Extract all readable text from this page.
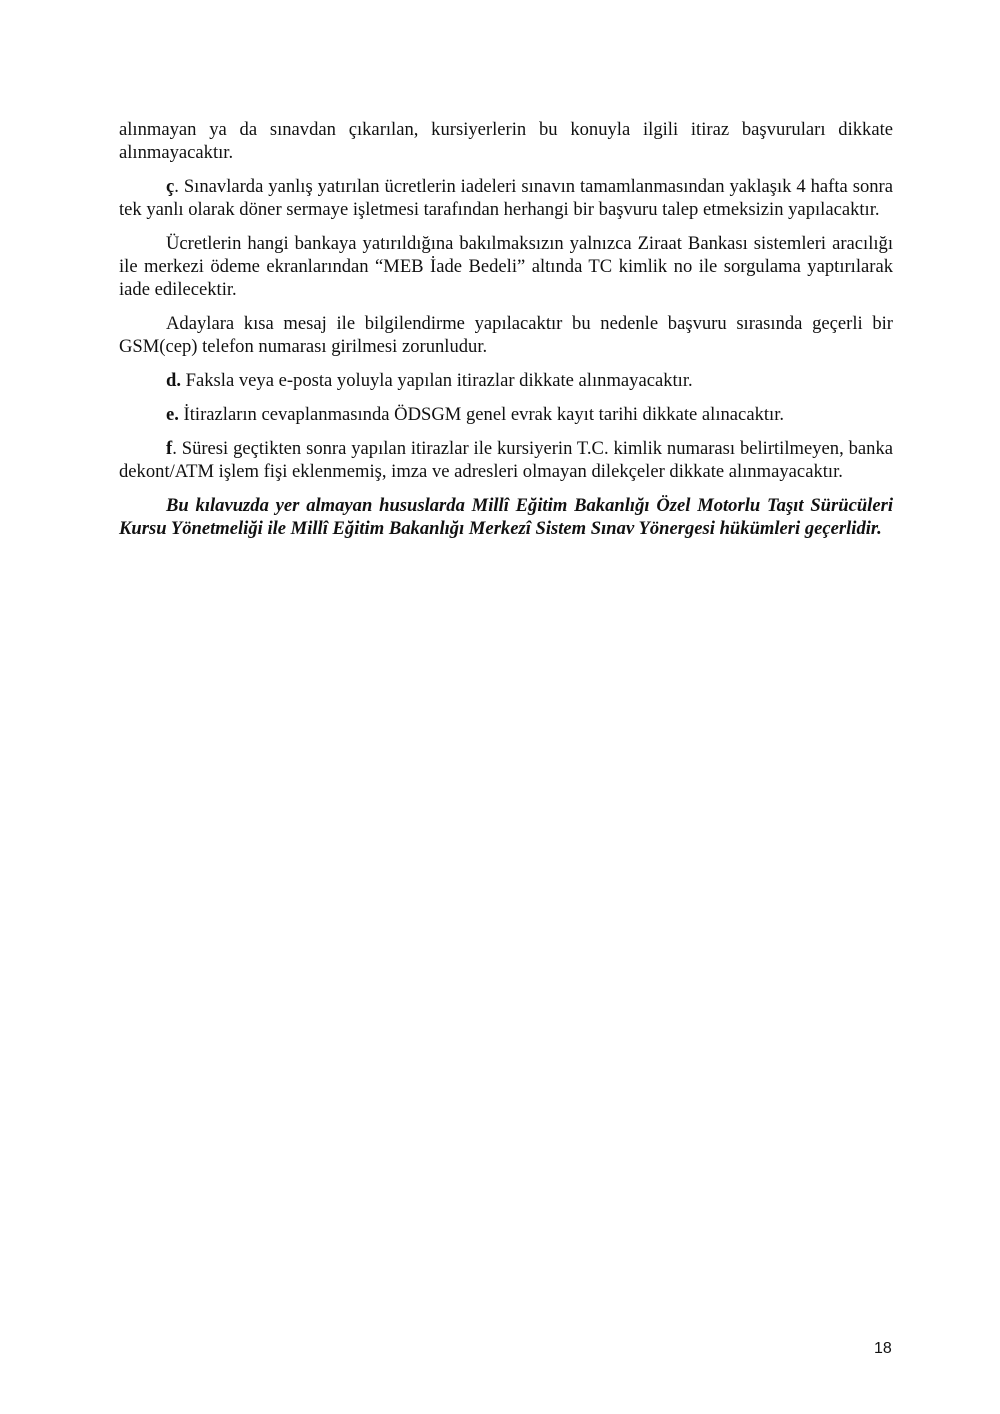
alınmayan ya da sınavdan çıkarılan, kursiyerlerin bu konuyla ilgili itiraz başvuruları dikkate alınmayacaktır.

ç. Sınavlarda yanlış yatırılan ücretlerin iadeleri sınavın tamamlanmasından yaklaşık 4 hafta sonra tek yanlı olarak döner sermaye işletmesi tarafından herhangi bir başvuru talep etmeksizin yapılacaktır.

Ücretlerin hangi bankaya yatırıldığına bakılmaksızın yalnızca Ziraat Bankası sistemleri aracılığı ile merkezi ödeme ekranlarından “MEB İade Bedeli” altında TC kimlik no ile sorgulama yaptırılarak iade edilecektir.

Adaylara kısa mesaj ile bilgilendirme yapılacaktır bu nedenle başvuru sırasında geçerli bir GSM(cep) telefon numarası girilmesi zorunludur.

d. Faksla veya e-posta yoluyla yapılan itirazlar dikkate alınmayacaktır.

e. İtirazların cevaplanmasında ÖDSGM genel evrak kayıt tarihi dikkate alınacaktır.

f. Süresi geçtikten sonra yapılan itirazlar ile kursiyerin T.C. kimlik numarası belirtilmeyen, banka dekont/ATM işlem fişi eklenmemiş, imza ve adresleri olmayan dilekçeler dikkate alınmayacaktır.

Bu kılavuzda yer almayan hususlarda Millî Eğitim Bakanlığı Özel Motorlu Taşıt Sürücüleri Kursu Yönetmeliği ile Millî Eğitim Bakanlığı Merkezî Sistem Sınav Yönergesi hükümleri geçerlidir.

18
